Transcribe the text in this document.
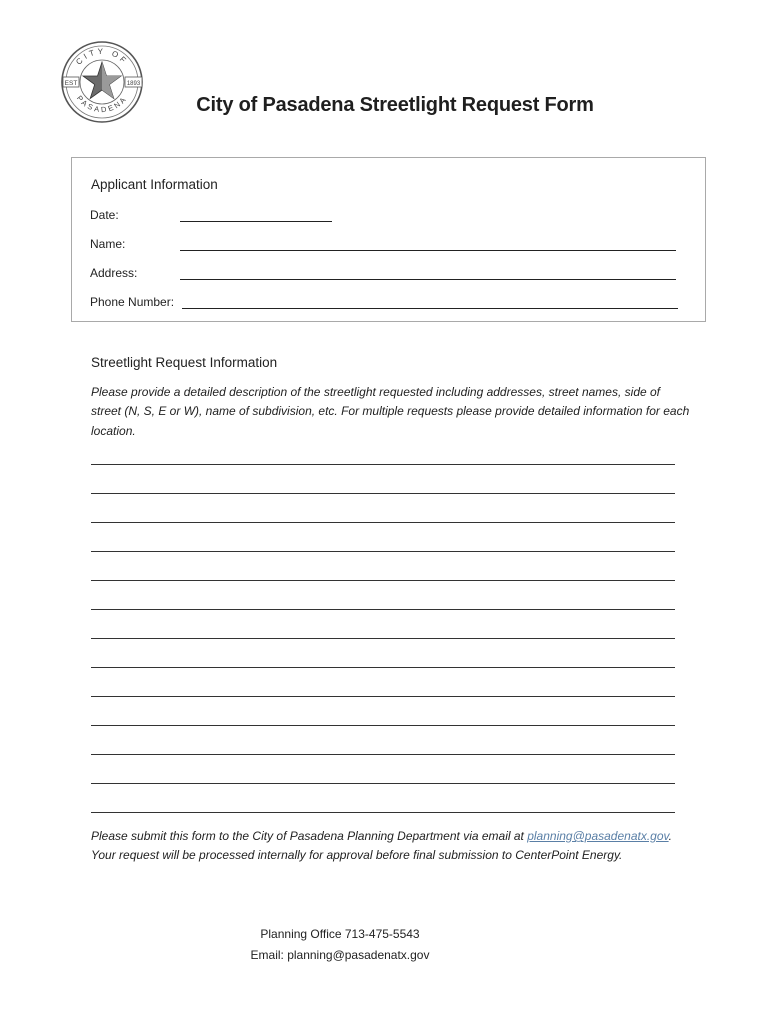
CITY OF
PASADENA
EST	1893
City of Pasadena Streetlight Request Form
Applicant Information
Date:
Name:
Address:
Phone Number:
Streetlight Request Information
Please provide a detailed description of the streetlight requested including addresses, street names, side of street (N, S, E or W), name of subdivision, etc. For multiple requests please provide detailed information for each location.
Please submit this form to the City of Pasadena Planning Department via email at planning@pasadenatx.gov. Your request will be processed internally for approval before final submission to CenterPoint Energy.
Planning Office 713-475-5543
Email: planning@pasadenatx.gov
